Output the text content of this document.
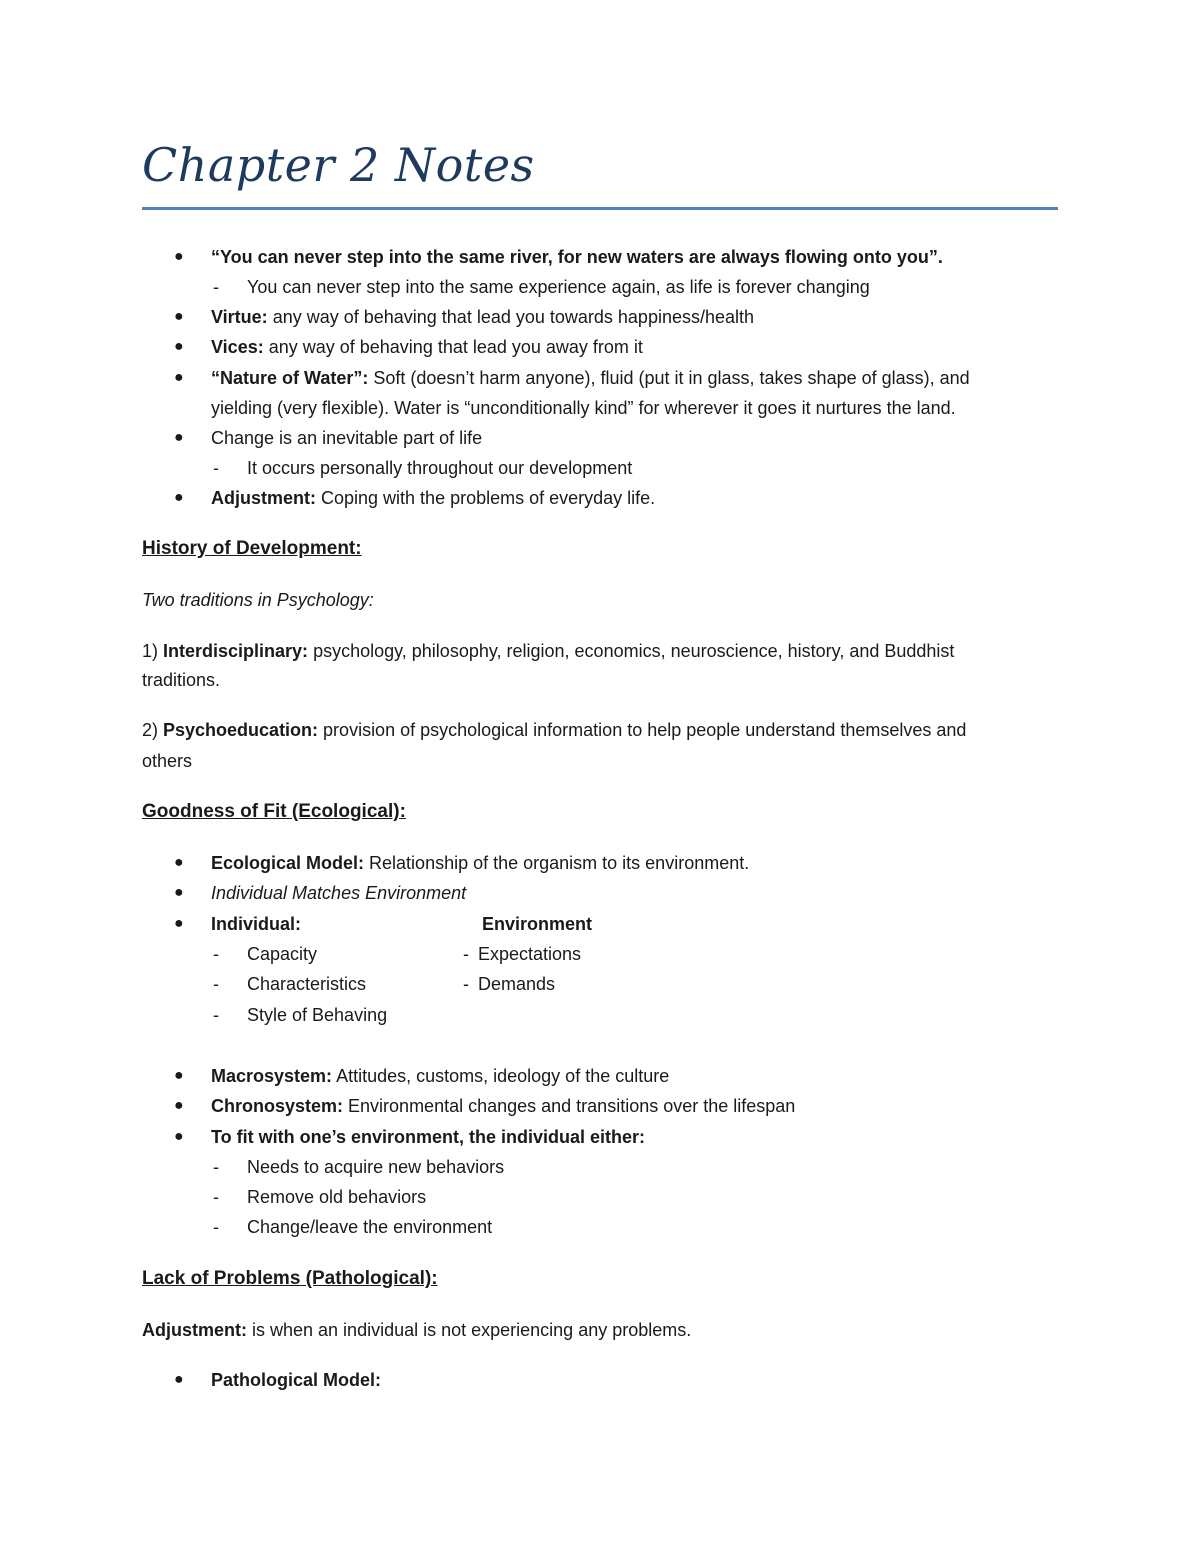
Chapter 2 Notes
● “You can never step into the same river, for new waters are always flowing onto you”.
- You can never step into the same experience again, as life is forever changing
● Virtue: any way of behaving that lead you towards happiness/health
● Vices: any way of behaving that lead you away from it
● “Nature of Water”: Soft (doesn’t harm anyone), fluid (put it in glass, takes shape of glass), and
yielding (very flexible). Water is “unconditionally kind” for wherever it goes it nurtures the land.
● Change is an inevitable part of life
- It occurs personally throughout our development
● Adjustment: Coping with the problems of everyday life.
History of Development:
Two traditions in Psychology:
1) Interdisciplinary: psychology, philosophy, religion, economics, neuroscience, history, and Buddhist
traditions.
2) Psychoeducation: provision of psychological information to help people understand themselves and
others
Goodness of Fit (Ecological):
● Ecological Model: Relationship of the organism to its environment.
● Individual Matches Environment
● Individual:	Environment
- Capacity	- Expectations
- Characteristics	- Demands
- Style of Behaving
● Macrosystem: Attitudes, customs, ideology of the culture
● Chronosystem: Environmental changes and transitions over the lifespan
● To fit with one’s environment, the individual either:
- Needs to acquire new behaviors
- Remove old behaviors
- Change/leave the environment
Lack of Problems (Pathological):
Adjustment: is when an individual is not experiencing any problems.
● Pathological Model:
